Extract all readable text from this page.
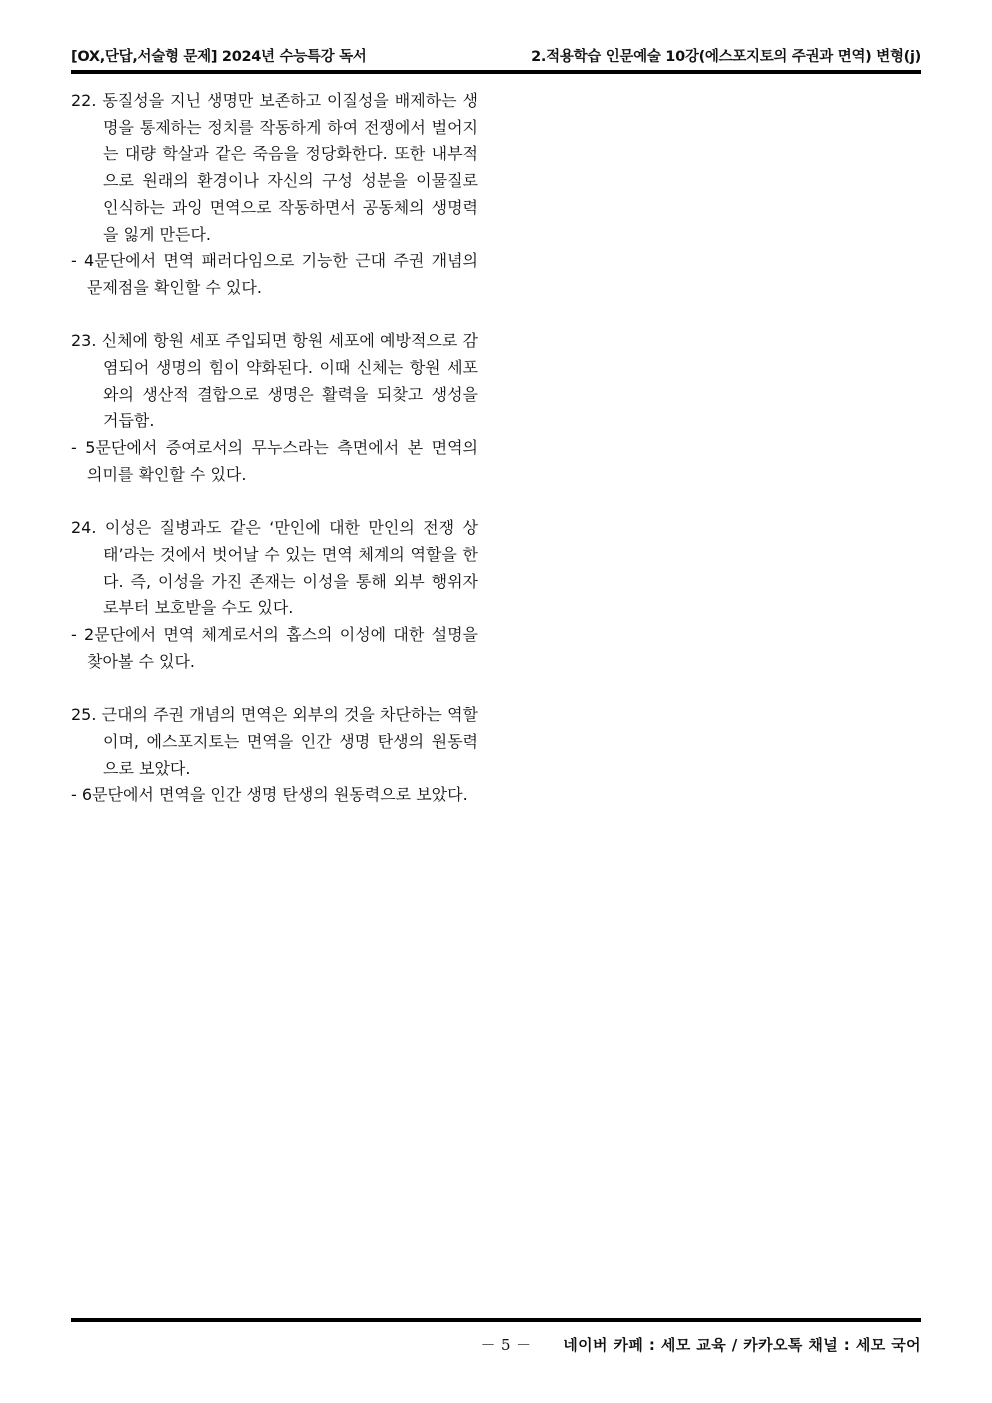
[OX,단답,서술형 문제] 2024년 수능특강 독서	2.적용학습 인문예술 10강(에스포지토의 주권과 면역) 변형(j)
22. 동질성을 지닌 생명만 보존하고 이질성을 배제하는 생명을 통제하는 정치를 작동하게 하여 전쟁에서 벌어지는 대량 학살과 같은 죽음을 정당화한다. 또한 내부적으로 원래의 환경이나 자신의 구성 성분을 이물질로 인식하는 과잉 면역으로 작동하면서 공동체의 생명력을 잃게 만든다.
- 4문단에서 면역 패러다임으로 기능한 근대 주권 개념의 문제점을 확인할 수 있다.
23. 신체에 항원 세포 주입되면 항원 세포에 예방적으로 감염되어 생명의 힘이 약화된다. 이때 신체는 항원 세포와의 생산적 결합으로 생명은 활력을 되찾고 생성을 거듭함.
- 5문단에서 증여로서의 무누스라는 측면에서 본 면역의 의미를 확인할 수 있다.
24. 이성은 질병과도 같은 ‘만인에 대한 만인의 전쟁 상태’라는 것에서 벗어날 수 있는 면역 체계의 역할을 한다. 즉, 이성을 가진 존재는 이성을 통해 외부 행위자로부터 보호받을 수도 있다.
- 2문단에서 면역 체계로서의 홉스의 이성에 대한 설명을 찾아볼 수 있다.
25. 근대의 주권 개념의 면역은 외부의 것을 차단하는 역할이며, 에스포지토는 면역을 인간 생명 탄생의 원동력으로 보았다.
- 6문단에서 면역을 인간 생명 탄생의 원동력으로 보았다.
－ 5 － 네이버 카페 : 세모 교육 / 카카오톡 채널 : 세모 국어
